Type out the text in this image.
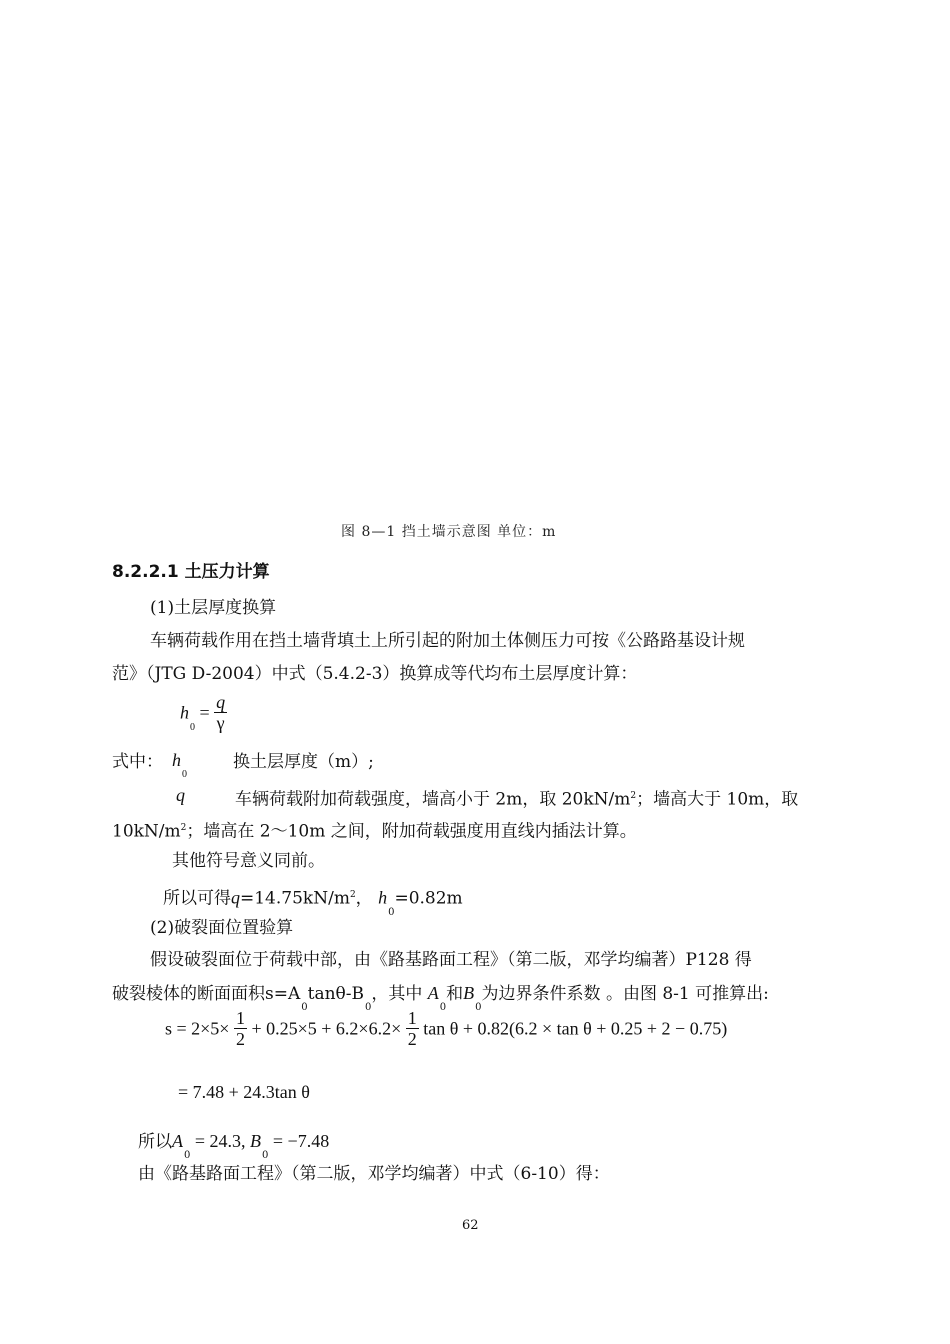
图 8—1 挡土墙示意图 单位：m
8.2.2.1 土压力计算
(1)土层厚度换算
车辆荷载作用在挡土墙背填土上所引起的附加土体侧压力可按《公路路基设计规
范》（JTG D-2004）中式（5.4.2-3）换算成等代均布土层厚度计算：
$h_0 = \frac{q}{\gamma}$
式中： $h_0$
换土层厚度（m）;
q	车辆荷载附加荷载强度，墙高小于 2m，取 $20kN/m^2$；墙高大于 10m，取
$10kN/m^2$；墙高在 2～10m 之间，附加荷载强度用直线内插法计算。
其他符号意义同前。
所以可得$q=14.75kN/m^2$， $h_0=0.82m$
(2)破裂面位置验算
假设破裂面位于荷载中部，由《路基路面工程》（第二版，邓学均编著）P128 得
破裂棱体的断面面积$s=A_0\tan\theta-B_0$，其中 $A_0$和$B_0$为边界条件系数 。由图 8-1 可推算出:
$s = 2\times 5\times \frac{1}{2} + 0.25\times 5 + 6.2\times 6.2\times \frac{1}{2}$ tan θ + 0.82(6.2 × tan θ + 0.25 + 2 − 0.75)
= 7.48 + 24.3tan θ
所以$A_0 = 24.3$, $B_0 = -7.48$
由《路基路面工程》（第二版，邓学均编著）中式（6-10）得：
62
